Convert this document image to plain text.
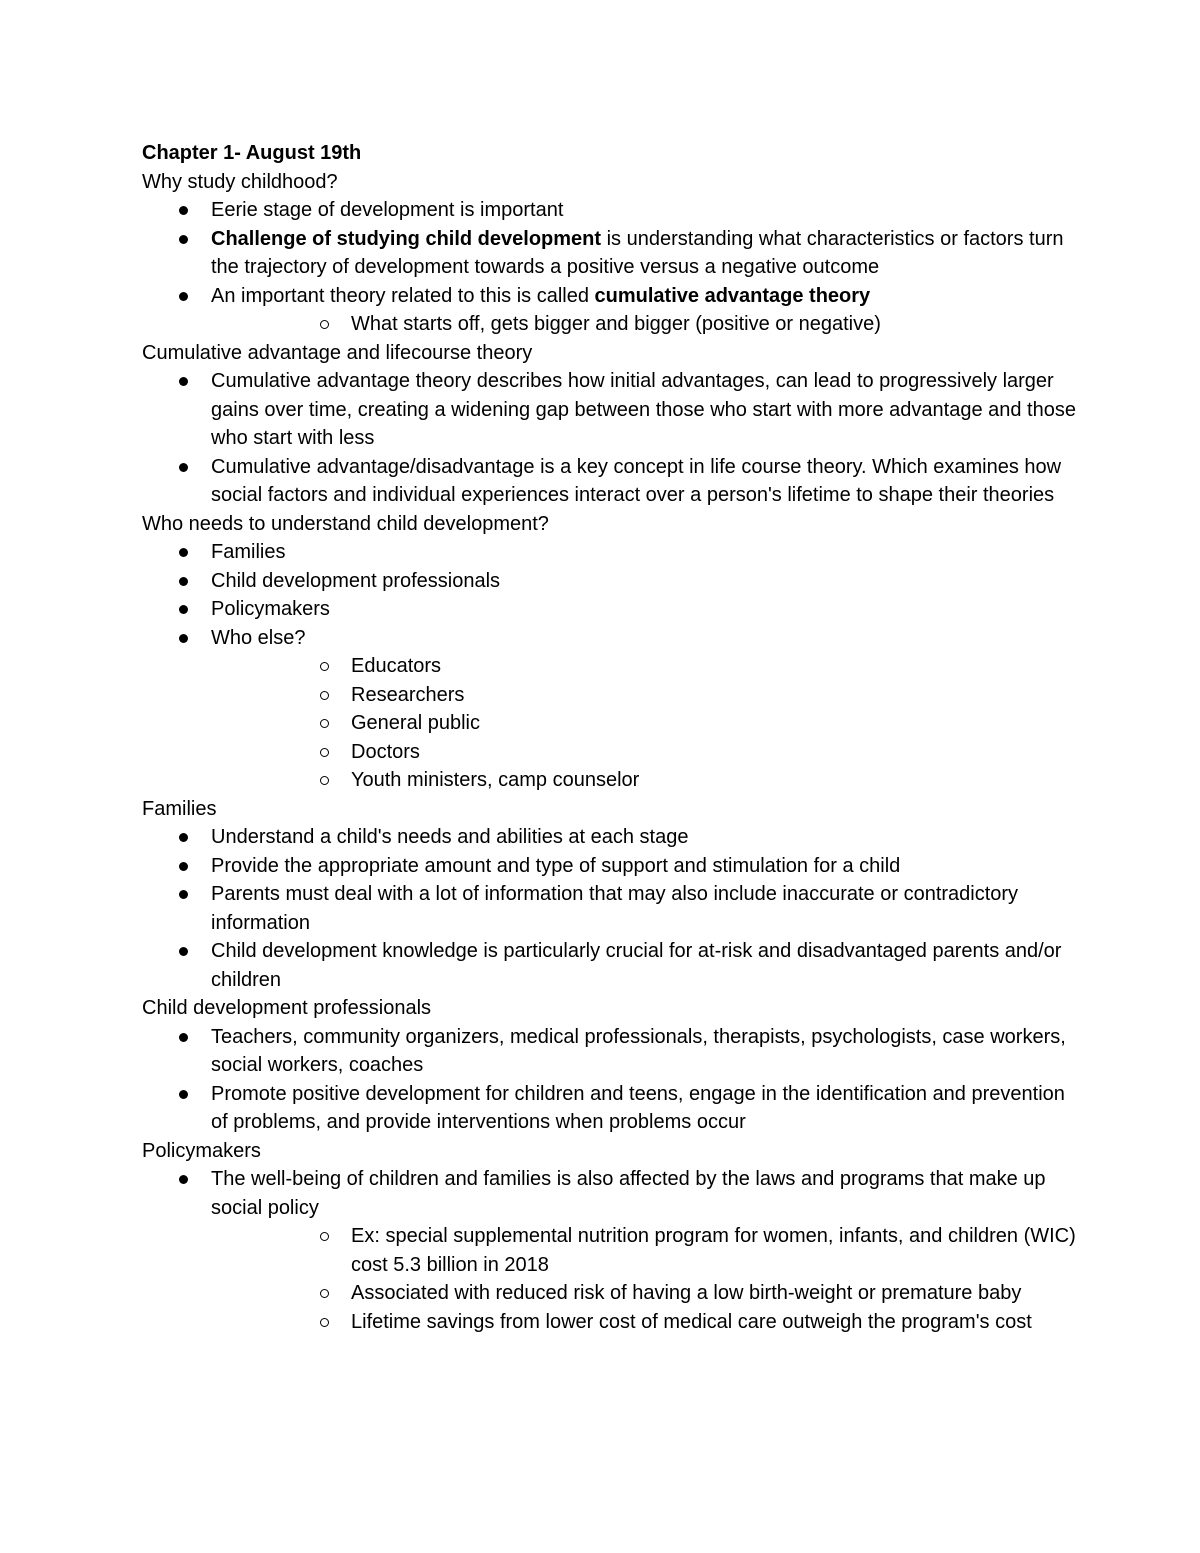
Chapter 1- August 19th

Why study childhood?

Eerie stage of development is important
Challenge of studying child development is understanding what characteristics or factors turn the trajectory of development towards a positive versus a negative outcome
An important theory related to this is called cumulative advantage theory
What starts off, gets bigger and bigger (positive or negative)

Cumulative advantage and lifecourse theory

Cumulative advantage theory describes how initial advantages, can lead to progressively larger gains over time, creating a widening gap between those who start with more advantage and those who start with less
Cumulative advantage/disadvantage is a key concept in life course theory. Which examines how social factors and individual experiences interact over a person's lifetime to shape their theories

Who needs to understand child development?

Families
Child development professionals
Policymakers
Who else?
Educators
Researchers
General public
Doctors
Youth ministers, camp counselor

Families

Understand a child's needs and abilities at each stage
Provide the appropriate amount and type of support and stimulation for a child
Parents must deal with a lot of information that may also include inaccurate or contradictory information
Child development knowledge is particularly crucial for at-risk and disadvantaged parents and/or children

Child development professionals

Teachers, community organizers, medical professionals, therapists, psychologists, case workers, social workers, coaches
Promote positive development for children and teens, engage in the identification and prevention of problems, and provide interventions when problems occur

Policymakers

The well-being of children and families is also affected by the laws and programs that make up social policy
Ex: special supplemental nutrition program for women, infants, and children (WIC) cost 5.3 billion in 2018
Associated with reduced risk of having a low birth-weight or premature baby
Lifetime savings from lower cost of medical care outweigh the program's cost
